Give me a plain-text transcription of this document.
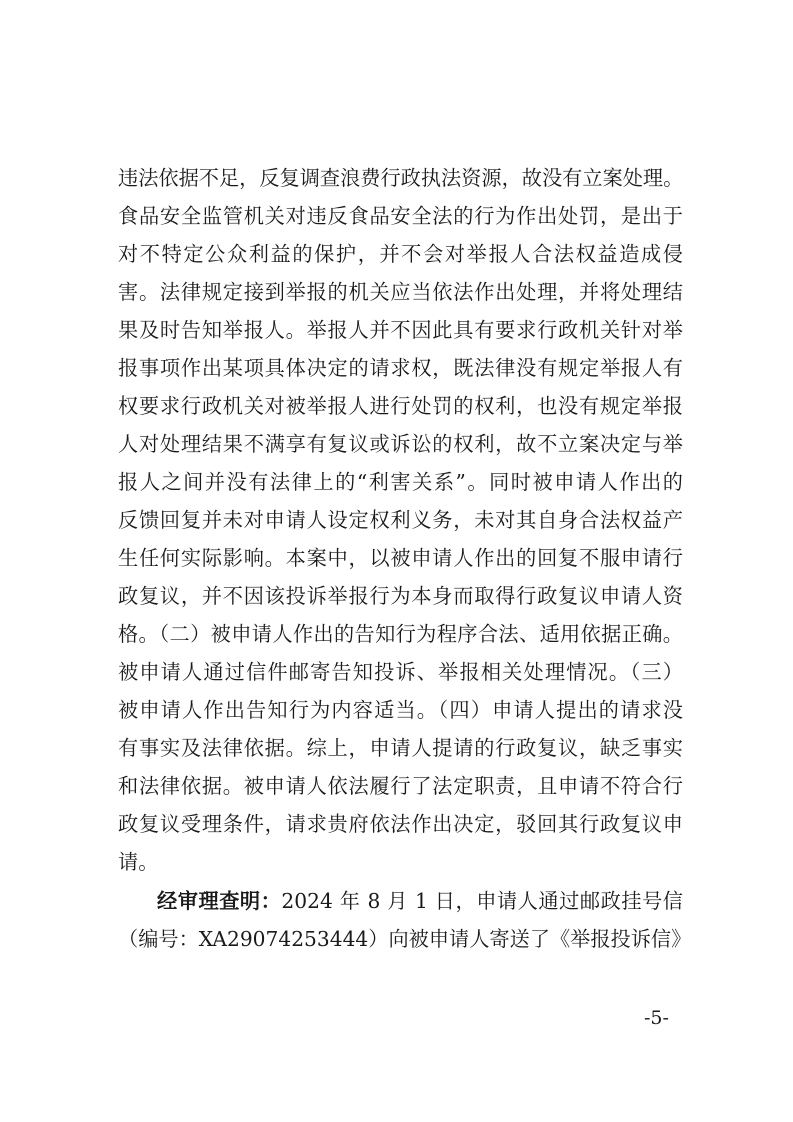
违法依据不足，反复调查浪费行政执法资源，故没有立案处理。
食品安全监管机关对违反食品安全法的行为作出处罚，是出于
对不特定公众利益的保护，并不会对举报人合法权益造成侵
害。法律规定接到举报的机关应当依法作出处理，并将处理结
果及时告知举报人。举报人并不因此具有要求行政机关针对举
报事项作出某项具体决定的请求权，既法律没有规定举报人有
权要求行政机关对被举报人进行处罚的权利，也没有规定举报
人对处理结果不满享有复议或诉讼的权利，故不立案决定与举
报人之间并没有法律上的“利害关系”。同时被申请人作出的
反馈回复并未对申请人设定权利义务，未对其自身合法权益产
生任何实际影响。本案中，以被申请人作出的回复不服申请行
政复议，并不因该投诉举报行为本身而取得行政复议申请人资
格。（二）被申请人作出的告知行为程序合法、适用依据正确。
被申请人通过信件邮寄告知投诉、举报相关处理情况。（三）
被申请人作出告知行为内容适当。（四）申请人提出的请求没
有事实及法律依据。综上，申请人提请的行政复议，缺乏事实
和法律依据。被申请人依法履行了法定职责，且申请不符合行
政复议受理条件，请求贵府依法作出决定，驳回其行政复议申
请。
经审理查明：2024 年 8 月 1 日，申请人通过邮政挂号信
（编号：XA29074253444）向被申请人寄送了《举报投诉信》
-5-
